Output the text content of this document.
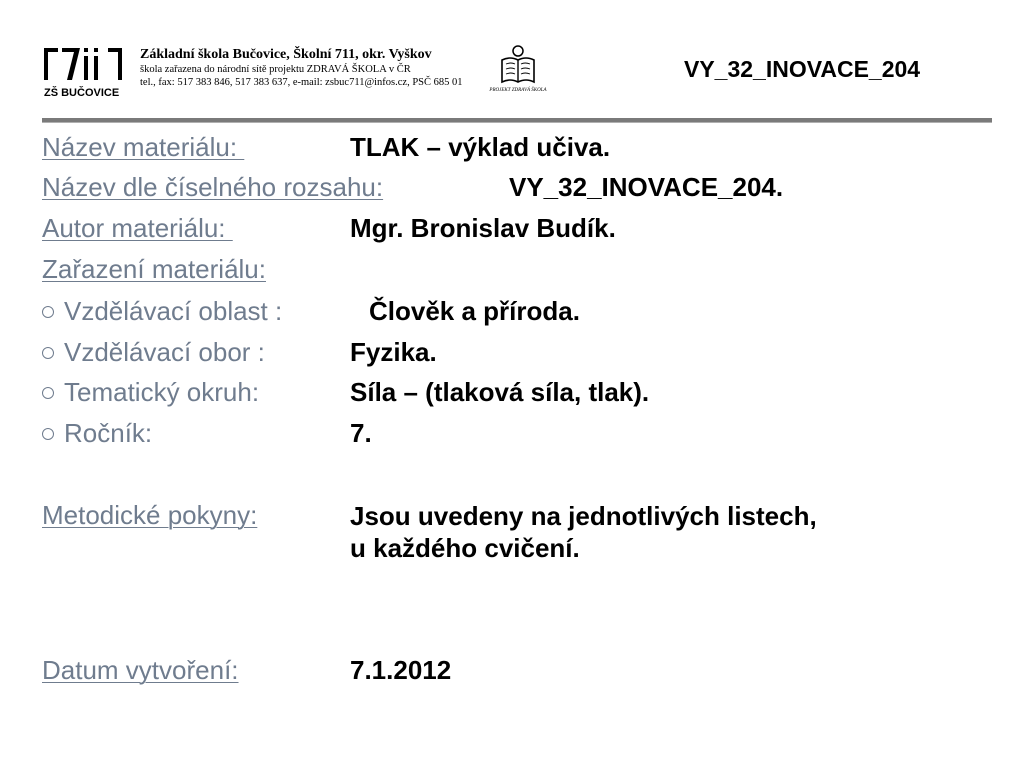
ZŠ BUČOVICE
Základní škola Bučovice, Školní 711, okr. Vyškov
škola zařazena do národní sítě projektu ZDRAVÁ ŠKOLA v ČR
tel., fax: 517 383 846, 517 383 637, e-mail: zsbuc711@infos.cz, PSČ 685 01
PROJEKT ZDRAVÁ ŠKOLA
VY_32_INOVACE_204
Název materiálu:	TLAK – výklad učiva.
Název dle číselného rozsahu:	VY_32_INOVACE_204.
Autor materiálu:	Mgr. Bronislav Budík.
Zařazení materiálu:
Vzdělávací oblast :	Člověk a příroda.
Vzdělávací obor :	Fyzika.
Tematický okruh:	Síla – (tlaková síla, tlak).
Ročník:	7.
Metodické pokyny:	Jsou uvedeny na jednotlivých listech,
u každého cvičení.
Datum vytvoření:	7.1.2012
